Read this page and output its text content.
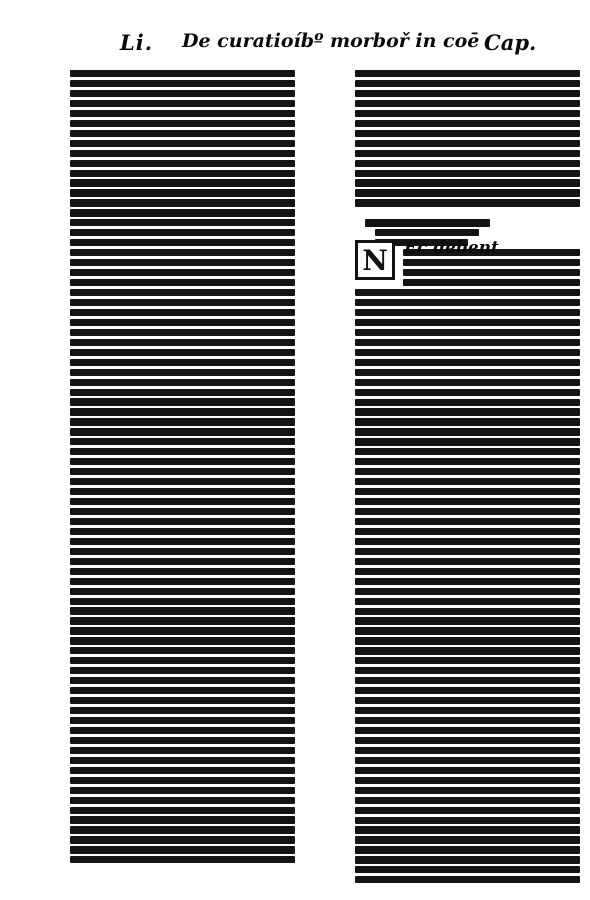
Li. De curatioíbº morboř in coē Cap.
N Ec debent
